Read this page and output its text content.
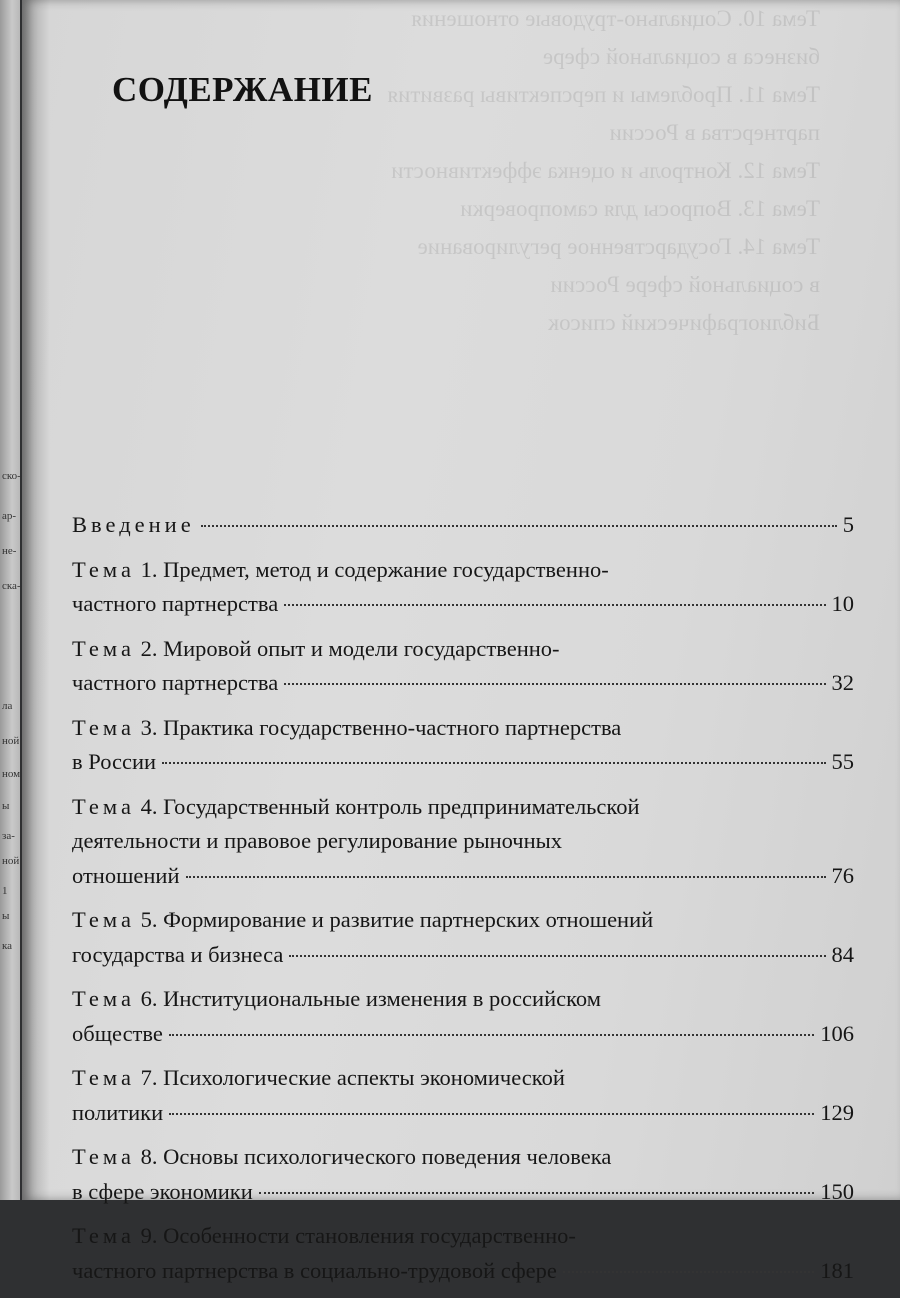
ско-
ар-
не-
ска-
ла
ной
ном
ы
за-
ной
1
ы
ка
Тема 10. Социально-трудовые отношения
бизнеса в социальной сфере
Тема 11. Проблемы и перспективы развития
партнерства в России
Тема 12. Контроль и оценка эффективности
Тема 13. Вопросы для самопроверки
Тема 14. Государственное регулирование
в социальной сфере России
Библиографический список
СОДЕРЖАНИЕ
Введение	5
Тема 1. Предмет, метод и содержание государственно-
частного партнерства	10
Тема 2. Мировой опыт и модели государственно-
частного партнерства	32
Тема 3. Практика государственно-частного партнерства
в России	55
Тема 4. Государственный контроль предпринимательской
деятельности и правовое регулирование рыночных
отношений	76
Тема 5. Формирование и развитие партнерских отношений
государства и бизнеса	84
Тема 6. Институциональные изменения в российском
обществе	106
Тема 7. Психологические аспекты экономической
политики	129
Тема 8. Основы психологического поведения человека
в сфере экономики	150
Тема 9. Особенности становления государственно-
частного партнерства в социально-трудовой сфере	181
